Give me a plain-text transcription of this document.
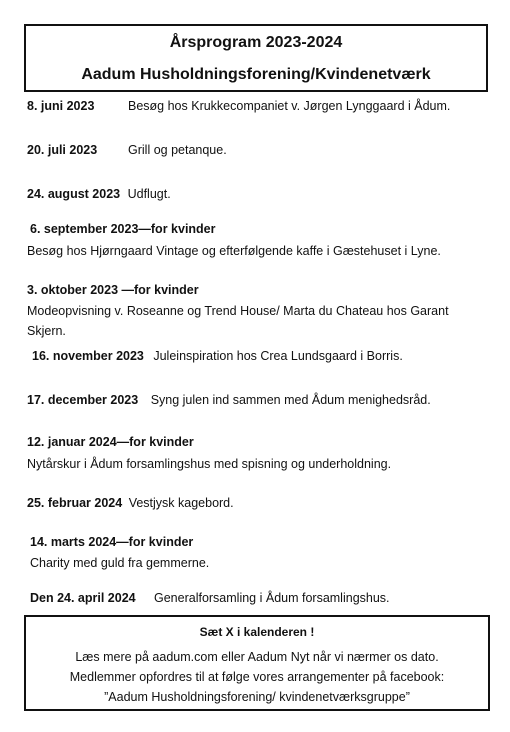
Årsprogram 2023-2024
Aadum Husholdningsforening/Kvindenetværk
8. juni 2023	Besøg hos Krukkecompaniet v. Jørgen Lynggaard i Ådum.
20. juli 2023 Grill og petanque.
24. august 2023 Udflugt.
6. september 2023—for kvinder
Besøg hos Hjørngaard Vintage og efterfølgende kaffe i Gæstehuset i Lyne.
3. oktober 2023 —for kvinder
Modeopvisning v. Roseanne og Trend House/ Marta du Chateau hos Garant Skjern.
16. november 2023 Juleinspiration hos Crea Lundsgaard i Borris.
17. december 2023 Syng julen ind sammen med Ådum menighedsråd.
12. januar 2024—for kvinder
Nytårskur i Ådum forsamlingshus med spisning og underholdning.
25. februar 2024 Vestjysk kagebord.
14. marts 2024—for kvinder
Charity med guld fra gemmerne.
Den 24. april 2024 Generalforsamling i Ådum forsamlingshus.
Sæt X i kalenderen !
Læs mere på aadum.com eller Aadum Nyt når vi nærmer os dato.
Medlemmer opfordres til at følge vores arrangementer på facebook:
”Aadum Husholdningsforening/ kvindenetværksgruppe”
